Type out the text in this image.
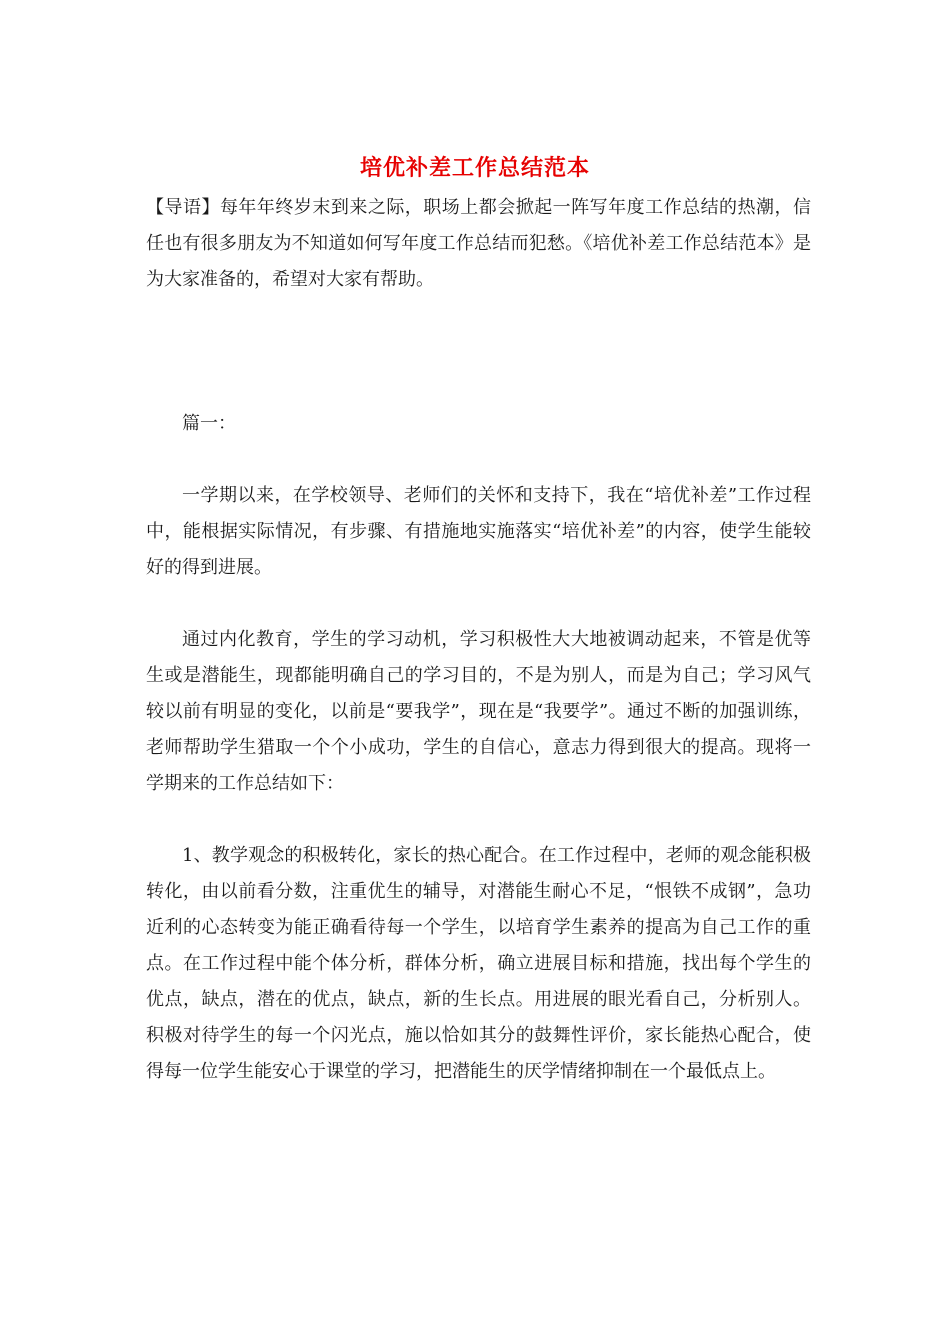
培优补差工作总结范本

【导语】每年年终岁末到来之际，职场上都会掀起一阵写年度工作总结的热潮，信任也有很多朋友为不知道如何写年度工作总结而犯愁。《培优补差工作总结范本》是为大家准备的，希望对大家有帮助。

篇一：

一学期以来，在学校领导、老师们的关怀和支持下，我在“培优补差”工作过程中，能根据实际情况，有步骤、有措施地实施落实“培优补差”的内容，使学生能较好的得到进展。

通过内化教育，学生的学习动机，学习积极性大大地被调动起来，不管是优等生或是潜能生，现都能明确自己的学习目的，不是为别人，而是为自己；学习风气较以前有明显的变化，以前是“要我学”，现在是“我要学”。通过不断的加强训练，老师帮助学生猎取一个个小成功，学生的自信心，意志力得到很大的提高。现将一学期来的工作总结如下：

1、教学观念的积极转化，家长的热心配合。在工作过程中，老师的观念能积极转化，由以前看分数，注重优生的辅导，对潜能生耐心不足，“恨铁不成钢”，急功近利的心态转变为能正确看待每一个学生，以培育学生素养的提高为自己工作的重点。在工作过程中能个体分析，群体分析，确立进展目标和措施，找出每个学生的优点，缺点，潜在的优点，缺点，新的生长点。用进展的眼光看自己，分析别人。积极对待学生的每一个闪光点，施以恰如其分的鼓舞性评价，家长能热心配合，使得每一位学生能安心于课堂的学习，把潜能生的厌学情绪抑制在一个最低点上。
